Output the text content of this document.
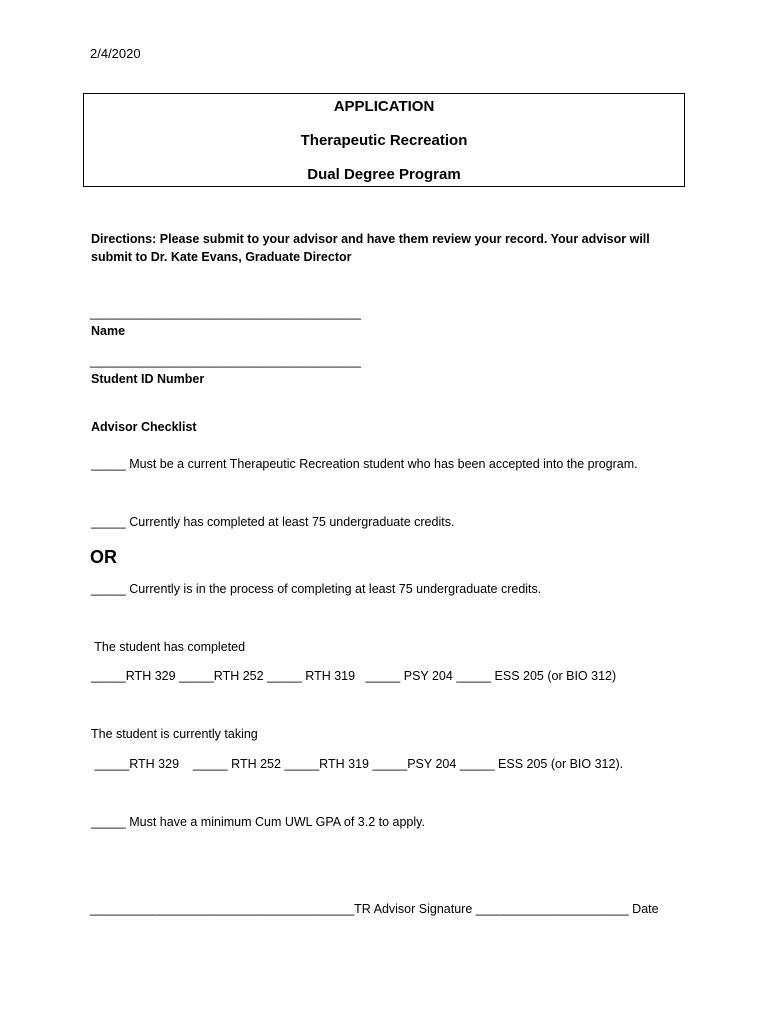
2/4/2020
APPLICATION
Therapeutic Recreation
Dual Degree Program
Directions: Please submit to your advisor and have them review your record. Your advisor will submit to Dr. Kate Evans, Graduate Director
_______________________________________
Name
_______________________________________
Student ID Number
Advisor Checklist
_____ Must be a current Therapeutic Recreation student who has been accepted into the program.
_____ Currently has completed at least 75 undergraduate credits.
OR
_____ Currently is in the process of completing at least 75 undergraduate credits.
The student has completed
_____RTH 329 _____RTH 252 _____ RTH 319   _____ PSY 204 _____ ESS 205 (or BIO 312)
The student is currently taking
_____RTH 329    _____ RTH 252 _____RTH 319 _____PSY 204 _____ ESS 205 (or BIO 312).
_____ Must have a minimum Cum UWL GPA of 3.2 to apply.
______________________________________TR Advisor Signature ______________________ Date
